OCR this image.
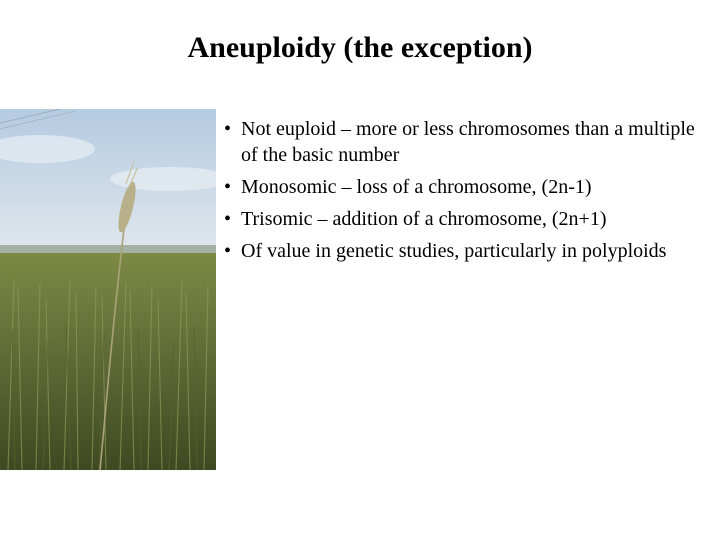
Aneuploidy (the exception)
• Not euploid – more or less chromosomes than a multiple of the basic number
• Monosomic – loss of a chromosome, (2n-1)
• Trisomic – addition of a chromosome, (2n+1)
• Of value in genetic studies, particularly in polyploids
